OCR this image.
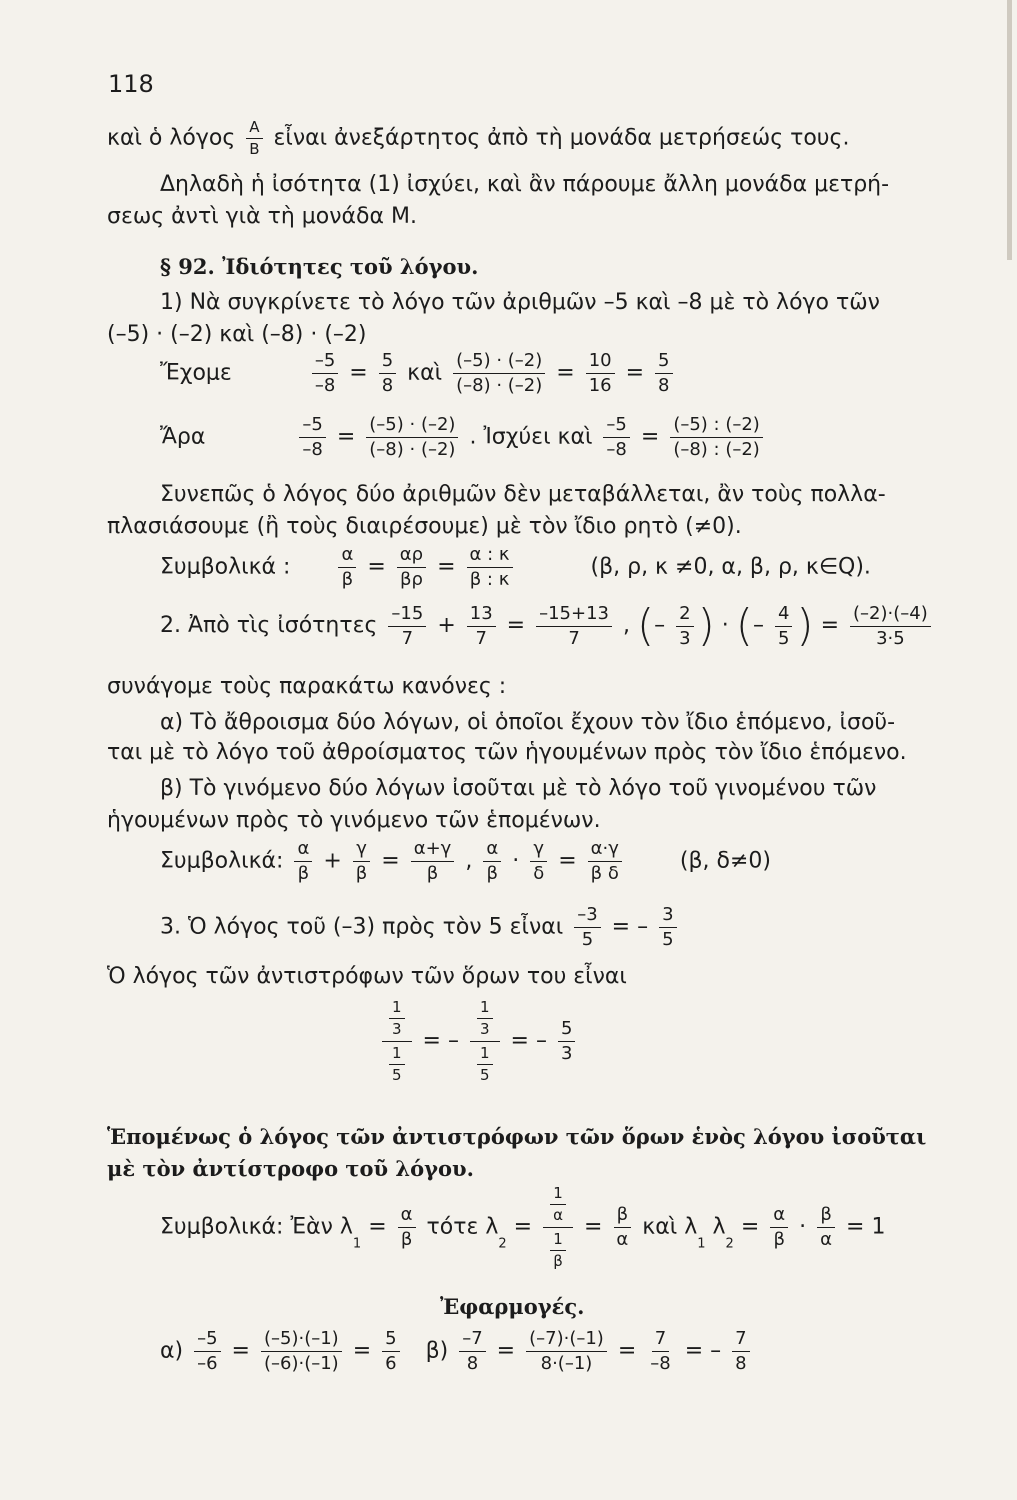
118
καὶ ὁ λόγος $\frac{A}{B}$ εἶναι ἀνεξάρτητος ἀπὸ τὴ μονάδα μετρήσεώς τους.
Δηλαδὴ ἡ ἰσότητα (1) ἰσχύει, καὶ ἂν πάρουμε ἄλλη μονάδα μετρή-
σεως ἀντὶ γιὰ τὴ μονάδα Μ.
§ 92. Ἰδιότητες τοῦ λόγου.
1) Νὰ συγκρίνετε τὸ λόγο τῶν ἀριθμῶν –5 καὶ –8 μὲ τὸ λόγο τῶν
(–5) · (–2) καὶ (–8) · (–2)
Ἔχομε	$\frac{-5}{-8} = \frac{5}{8}$ καὶ $\frac{(-5) \cdot (-2)}{(-8) \cdot (-2)} = \frac{10}{16} = \frac{5}{8}$
Ἄρα	$\frac{-5}{-8} = \frac{(-5) \cdot (-2)}{(-8) \cdot (-2)}$ . Ἰσχύει καὶ $\frac{-5}{-8} = \frac{(-5) : (-2)}{(-8) : (-2)}$
Συνεπῶς ὁ λόγος δύο ἀριθμῶν δὲν μεταβάλλεται, ἂν τοὺς πολλα-
πλασιάσουμε (ἢ τοὺς διαιρέσουμε) μὲ τὸν ἴδιο ρητὸ (≠0).
Συμβολικά :	$\frac{\alpha}{\beta} = \frac{\alpha\rho}{\beta\rho} = \frac{\alpha : \kappa}{\beta : \kappa}$	(β, ρ, κ ≠0, α, β, ρ, κ∈Q).
2. Ἀπὸ τὶς ἰσότητες $\frac{-15}{7} + \frac{13}{7} = \frac{-15+13}{7}$ , (– $\frac{2}{3}$ ) · (– $\frac{4}{5}$ ) = $\frac{(-2)\cdot(-4)}{3\cdot 5}$
συνάγομε τοὺς παρακάτω κανόνες :
α) Τὸ ἄθροισμα δύο λόγων, οἱ ὁποῖοι ἔχουν τὸν ἴδιο ἑπόμενο, ἰσοῦ-
ται μὲ τὸ λόγο τοῦ ἀθροίσματος τῶν ἡγουμένων πρὸς τὸν ἴδιο ἑπόμενο.
β) Τὸ γινόμενο δύο λόγων ἰσοῦται μὲ τὸ λόγο τοῦ γινομένου τῶν
ἡγουμένων πρὸς τὸ γινόμενο τῶν ἑπομένων.
Συμβολικά: $\frac{\alpha}{\beta} + \frac{\gamma}{\beta} = \frac{\alpha+\gamma}{\beta}$ , $\frac{\alpha}{\beta} \cdot \frac{\gamma}{\delta} = \frac{\alpha\cdot\gamma}{\text{β δ}}$	(β, δ≠0)
3. Ὁ λόγος τοῦ (–3) πρὸς τὸν 5 εἶναι $\frac{-3}{5}$ = – $\frac{3}{5}$
Ὁ λόγος τῶν ἀντιστρόφων τῶν ὅρων του εἶναι
$\frac{\frac{1}{3}}{\frac{1}{5}}$ = – $\frac{\frac{1}{3}}{\frac{1}{5}}$ = – $\frac{5}{3}$
Ἑπομένως ὁ λόγος τῶν ἀντιστρόφων τῶν ὅρων ἑνὸς λόγου ἰσοῦται
μὲ τὸν ἀντίστροφο τοῦ λόγου.
Συμβολικά: Ἐὰν $\lambda_1 = \frac{\alpha}{\beta}$ τότε $\lambda_2 = \frac{\frac{1}{\alpha}}{\frac{1}{\beta}} = \frac{\beta}{\alpha}$ καὶ $\lambda_1$ $\lambda_2 = \frac{\alpha}{\beta} \cdot \frac{\beta}{\alpha} = 1$
Ἐφαρμογές.
$\alpha) \frac{-5}{-6} = \frac{(-5)\cdot(-1)}{(-6)\cdot(-1)} = \frac{5}{6} \beta) \frac{-7}{8} = \frac{(-7)\cdot(-1)}{8\cdot(-1)} = \frac{7}{-8}$ = – $\frac{7}{8}$
